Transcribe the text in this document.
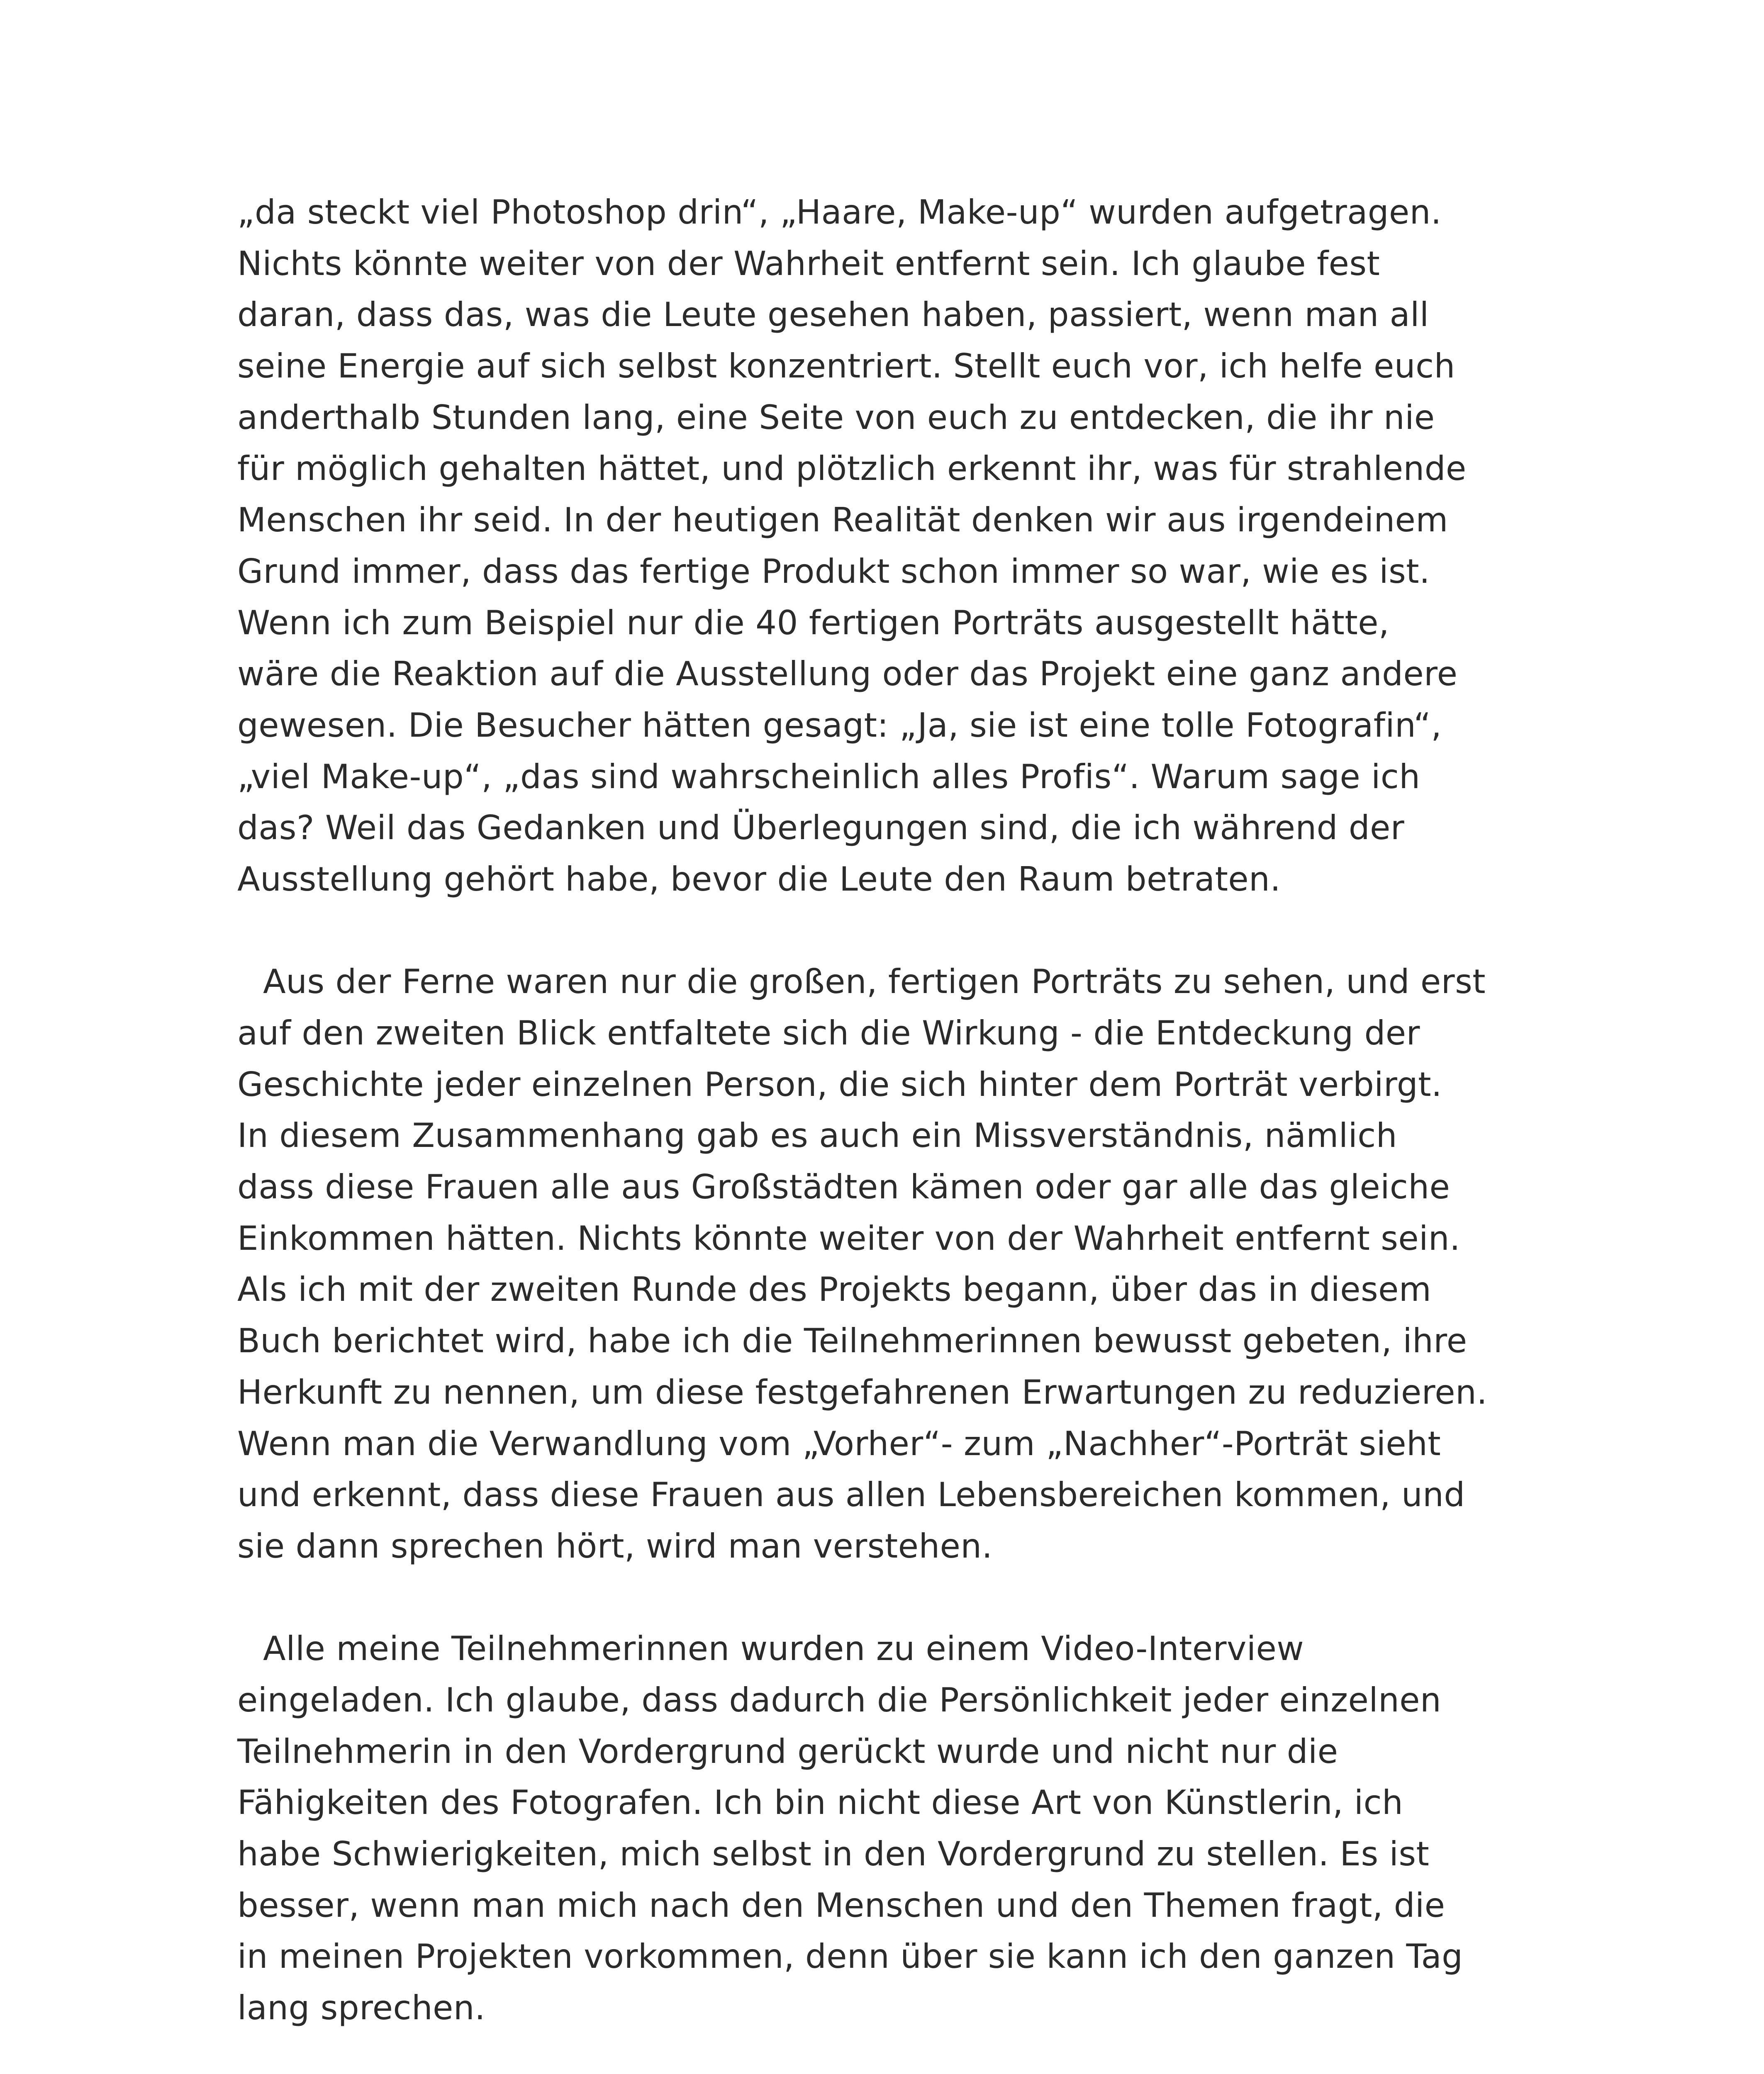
„da steckt viel Photoshop drin“, „Haare, Make-up“ wurden aufgetragen.
Nichts könnte weiter von der Wahrheit entfernt sein. Ich glaube fest
daran, dass das, was die Leute gesehen haben, passiert, wenn man all
seine Energie auf sich selbst konzentriert. Stellt euch vor, ich helfe euch
anderthalb Stunden lang, eine Seite von euch zu entdecken, die ihr nie
für möglich gehalten hättet, und plötzlich erkennt ihr, was für strahlende
Menschen ihr seid. In der heutigen Realität denken wir aus irgendeinem
Grund immer, dass das fertige Produkt schon immer so war, wie es ist.
Wenn ich zum Beispiel nur die 40 fertigen Porträts ausgestellt hätte,
wäre die Reaktion auf die Ausstellung oder das Projekt eine ganz andere
gewesen. Die Besucher hätten gesagt: „Ja, sie ist eine tolle Fotografin“,
„viel Make-up“, „das sind wahrscheinlich alles Profis“. Warum sage ich
das? Weil das Gedanken und Überlegungen sind, die ich während der
Ausstellung gehört habe, bevor die Leute den Raum betraten.
Aus der Ferne waren nur die großen, fertigen Porträts zu sehen, und erst
auf den zweiten Blick entfaltete sich die Wirkung - die Entdeckung der
Geschichte jeder einzelnen Person, die sich hinter dem Porträt verbirgt.
In diesem Zusammenhang gab es auch ein Missverständnis, nämlich
dass diese Frauen alle aus Großstädten kämen oder gar alle das gleiche
Einkommen hätten. Nichts könnte weiter von der Wahrheit entfernt sein.
Als ich mit der zweiten Runde des Projekts begann, über das in diesem
Buch berichtet wird, habe ich die Teilnehmerinnen bewusst gebeten, ihre
Herkunft zu nennen, um diese festgefahrenen Erwartungen zu reduzieren.
Wenn man die Verwandlung vom „Vorher“- zum „Nachher“-Porträt sieht
und erkennt, dass diese Frauen aus allen Lebensbereichen kommen, und
sie dann sprechen hört, wird man verstehen.
Alle meine Teilnehmerinnen wurden zu einem Video-Interview
eingeladen. Ich glaube, dass dadurch die Persönlichkeit jeder einzelnen
Teilnehmerin in den Vordergrund gerückt wurde und nicht nur die
Fähigkeiten des Fotografen. Ich bin nicht diese Art von Künstlerin, ich
habe Schwierigkeiten, mich selbst in den Vordergrund zu stellen. Es ist
besser, wenn man mich nach den Menschen und den Themen fragt, die
in meinen Projekten vorkommen, denn über sie kann ich den ganzen Tag
lang sprechen.
